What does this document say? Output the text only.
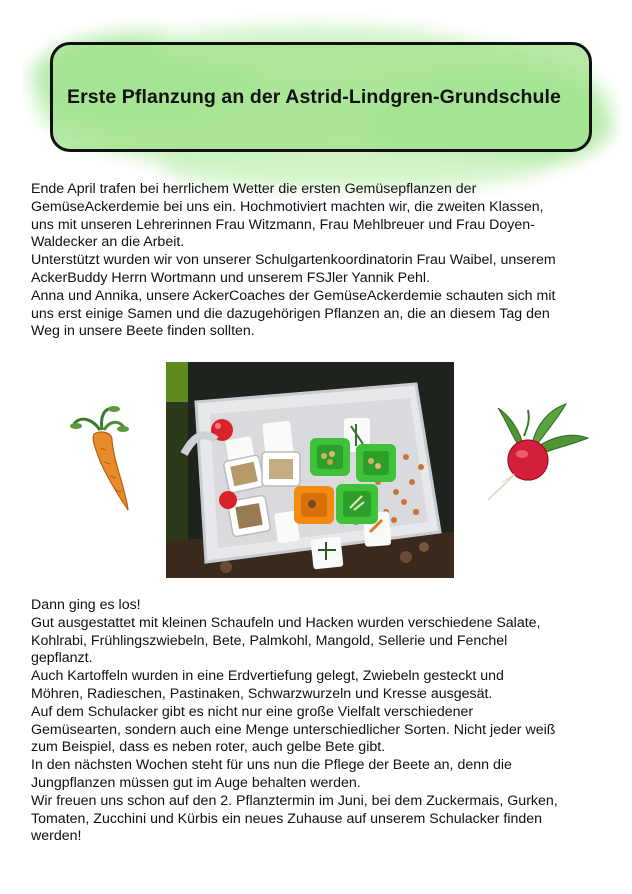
Erste Pflanzung an der Astrid-Lindgren-Grundschule

Ende April trafen bei herrlichem Wetter die ersten Gemüsepflanzen der

GemüseAckerdemie bei uns ein. Hochmotiviert machten wir, die zweiten Klassen,

uns mit unseren Lehrerinnen Frau Witzmann, Frau Mehlbreuer und Frau Doyen-

Waldecker an die Arbeit.

Unterstützt wurden wir von unserer Schulgartenkoordinatorin Frau Waibel, unserem

AckerBuddy Herrn Wortmann und unserem FSJler Yannik Pehl.

Anna und Annika, unsere AckerCoaches der GemüseAckerdemie schauten sich mit

uns erst einige Samen und die dazugehörigen Pflanzen an, die an diesem Tag den

Weg in unsere Beete finden sollten.

Dann ging es los!

Gut ausgestattet mit kleinen Schaufeln und Hacken wurden verschiedene Salate,

Kohlrabi, Frühlingszwiebeln, Bete, Palmkohl, Mangold, Sellerie und Fenchel

gepflanzt.

Auch Kartoffeln wurden in eine Erdvertiefung gelegt, Zwiebeln gesteckt und

Möhren, Radieschen, Pastinaken, Schwarzwurzeln und Kresse ausgesät.

Auf dem Schulacker gibt es nicht nur eine große Vielfalt verschiedener

Gemüsearten, sondern auch eine Menge unterschiedlicher Sorten. Nicht jeder weiß

zum Beispiel, dass es neben roter, auch gelbe Bete gibt.

In den nächsten Wochen steht für uns nun die Pflege der Beete an, denn die

Jungpflanzen müssen gut im Auge behalten werden.

Wir freuen uns schon auf den 2. Pflanztermin im Juni, bei dem Zuckermais, Gurken,

Tomaten, Zucchini und Kürbis ein neues Zuhause auf unserem Schulacker finden

werden!
